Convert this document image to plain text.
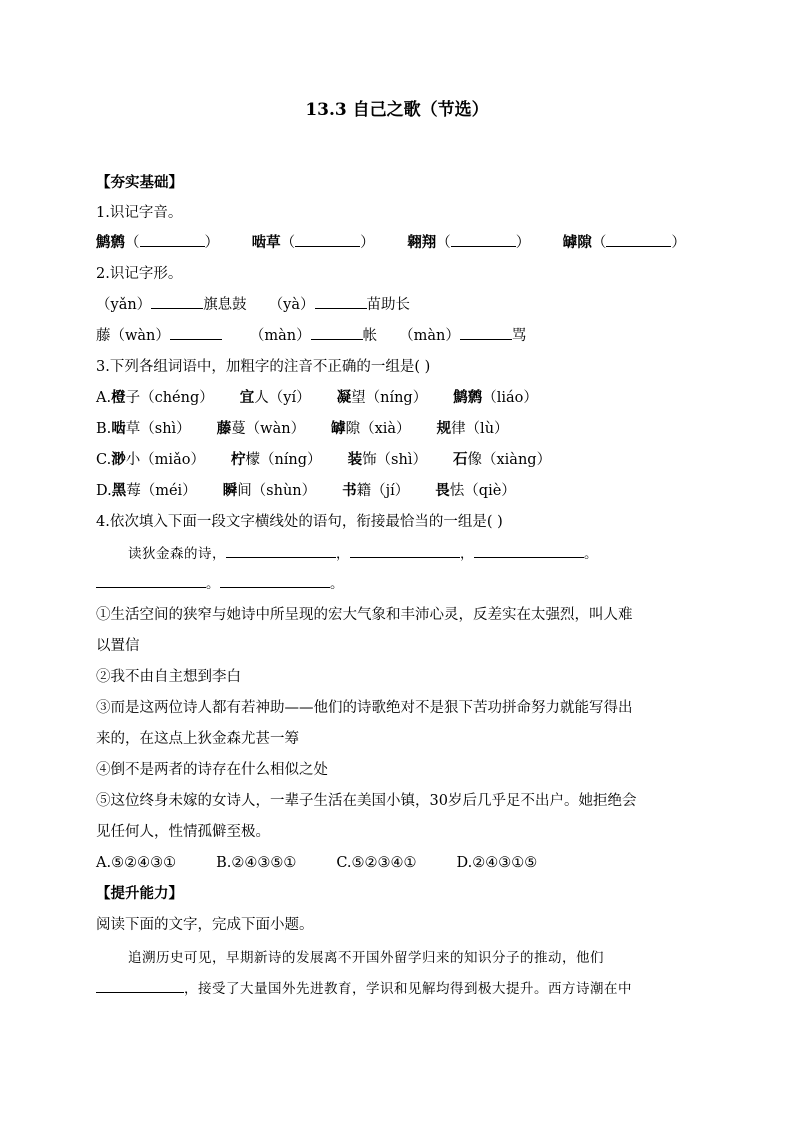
13.3 自己之歌（节选）
【夯实基础】
1.识记字音。
鹪鹩（	） 啮草（	） 翱翔（	） 罅隙（	）
2.识记字形。
（yǎn）	旗息鼓 （yà）	苗助长
藤（wàn）	（màn）	帐 （màn）	骂
3.下列各组词语中，加粗字的注音不正确的一组是( )
A.橙子（chéng） 宜人（yí） 凝望（níng） 鹪鹩（liáo）
B.啮草（shì） 藤蔓（wàn） 罅隙（xià） 规律（lù）
C.渺小（miǎo） 柠檬（níng） 装饰（shì） 石像（xiàng）
D.黑莓（méi） 瞬间（shùn） 书籍（jí） 畏怯（qiè）
4.依次填入下面一段文字横线处的语句，衔接最恰当的一组是( )
读狄金森的诗，	，	，	。
。	。
①生活空间的狭窄与她诗中所呈现的宏大气象和丰沛心灵，反差实在太强烈，叫人难
以置信
②我不由自主想到李白
③而是这两位诗人都有若神助——他们的诗歌绝对不是狠下苦功拼命努力就能写得出
来的，在这点上狄金森尤甚一筹
④倒不是两者的诗存在什么相似之处
⑤这位终身未嫁的女诗人，一辈子生活在美国小镇，30岁后几乎足不出户。她拒绝会
见任何人，性情孤僻至极。
A.⑤②④③①	B.②④③⑤①	C.⑤②③④①	D.②④③①⑤
【提升能力】
阅读下面的文字，完成下面小题。
追溯历史可见，早期新诗的发展离不开国外留学归来的知识分子的推动，他们
，接受了大量国外先进教育，学识和见解均得到极大提升。西方诗潮在中
